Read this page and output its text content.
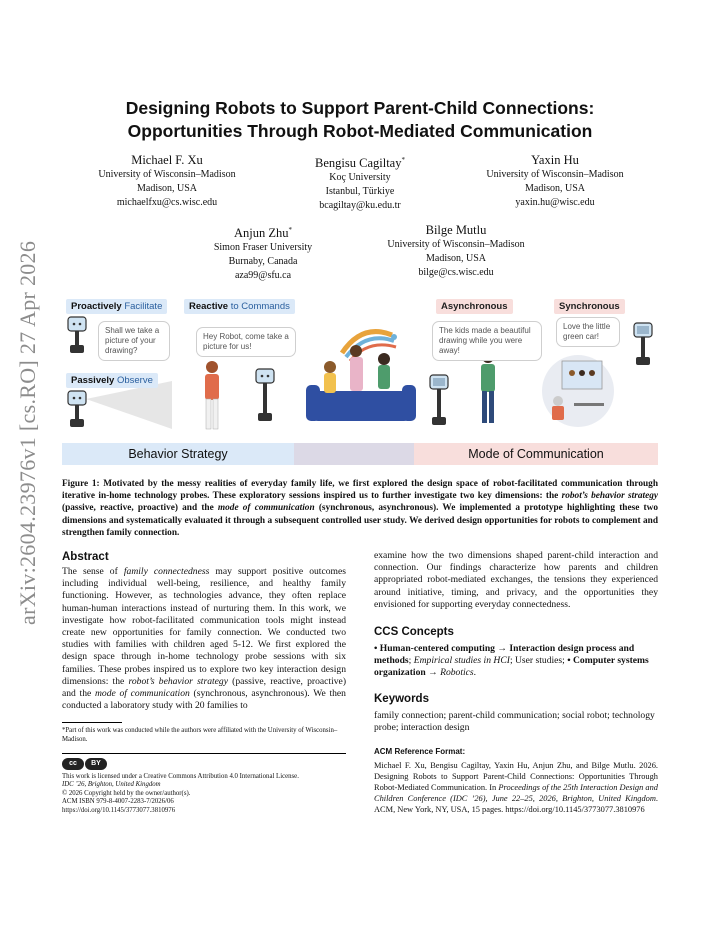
arXiv:2604.23976v1 [cs.RO] 27 Apr 2026
Designing Robots to Support Parent-Child Connections:
Opportunities Through Robot-Mediated Communication
Michael F. Xu
University of Wisconsin–Madison
Madison, USA
michaelfxu@cs.wisc.edu
Bengisu Cagiltay*
Koç University
Istanbul, Türkiye
bcagiltay@ku.edu.tr
Yaxin Hu
University of Wisconsin–Madison
Madison, USA
yaxin.hu@wisc.edu
Anjun Zhu*
Simon Fraser University
Burnaby, Canada
aza99@sfu.ca
Bilge Mutlu
University of Wisconsin–Madison
Madison, USA
bilge@cs.wisc.edu
Proactively Facilitate	Reactive to Commands
Passively Observe
Asynchronous	Synchronous
Shall we take a picture of your drawing?
Hey Robot, come take a picture for us!
The kids made a beautiful drawing while you were away!
Love the little green car!
Behavior Strategy	Mode of Communication
Figure 1: Motivated by the messy realities of everyday family life, we first explored the design space of robot-facilitated communication through iterative in-home technology probes. These exploratory sessions inspired us to further investigate two key dimensions: the robot’s behavior strategy (passive, reactive, proactive) and the mode of communication (synchronous, asynchronous). We implemented a prototype highlighting these two dimensions and systematically evaluated it through a subsequent controlled user study. We derived design opportunities for robots to complement and strengthen family connection.
Abstract

The sense of family connectedness may support positive outcomes including individual well-being, resilience, and healthy family functioning. However, as technologies advance, they often replace human-human interactions instead of nurturing them. In this work, we investigate how robot-facilitated communication tools might instead create new opportunities for family connection. We conducted two studies with families with children aged 5-12. We first explored the design space through in-home technology probe sessions with six families. These probes inspired us to explore two key interaction design dimensions: the robot’s behavior strategy (passive, reactive, proactive) and the mode of communication (synchronous, asynchronous). We then conducted a laboratory study with 20 families to

*Part of this work was conducted while the authors were affiliated with the University of Wisconsin–Madison.
cc	BY
This work is licensed under a Creative Commons Attribution 4.0 International License.
IDC ’26, Brighton, United Kingdom
© 2026 Copyright held by the owner/author(s).
ACM ISBN 979-8-4007-2283-7/2026/06
https://doi.org/10.1145/3773077.3810976

examine how the two dimensions shaped parent-child interaction and connection. Our findings characterize how parents and children appropriated robot-mediated exchanges, the tensions they experienced around initiative, timing, and privacy, and the opportunities they envisioned for supporting everyday connectedness.

CCS Concepts

• Human-centered computing → Interaction design process and methods; Empirical studies in HCI; User studies; • Computer systems organization → Robotics.

Keywords

family connection; parent-child communication; social robot; technology probe; interaction design

ACM Reference Format:

Michael F. Xu, Bengisu Cagiltay, Yaxin Hu, Anjun Zhu, and Bilge Mutlu. 2026. Designing Robots to Support Parent-Child Connections: Opportunities Through Robot-Mediated Communication. In Proceedings of the 25th Interaction Design and Children Conference (IDC ’26), June 22–25, 2026, Brighton, United Kingdom. ACM, New York, NY, USA, 15 pages. https://doi.org/10.1145/3773077.3810976
